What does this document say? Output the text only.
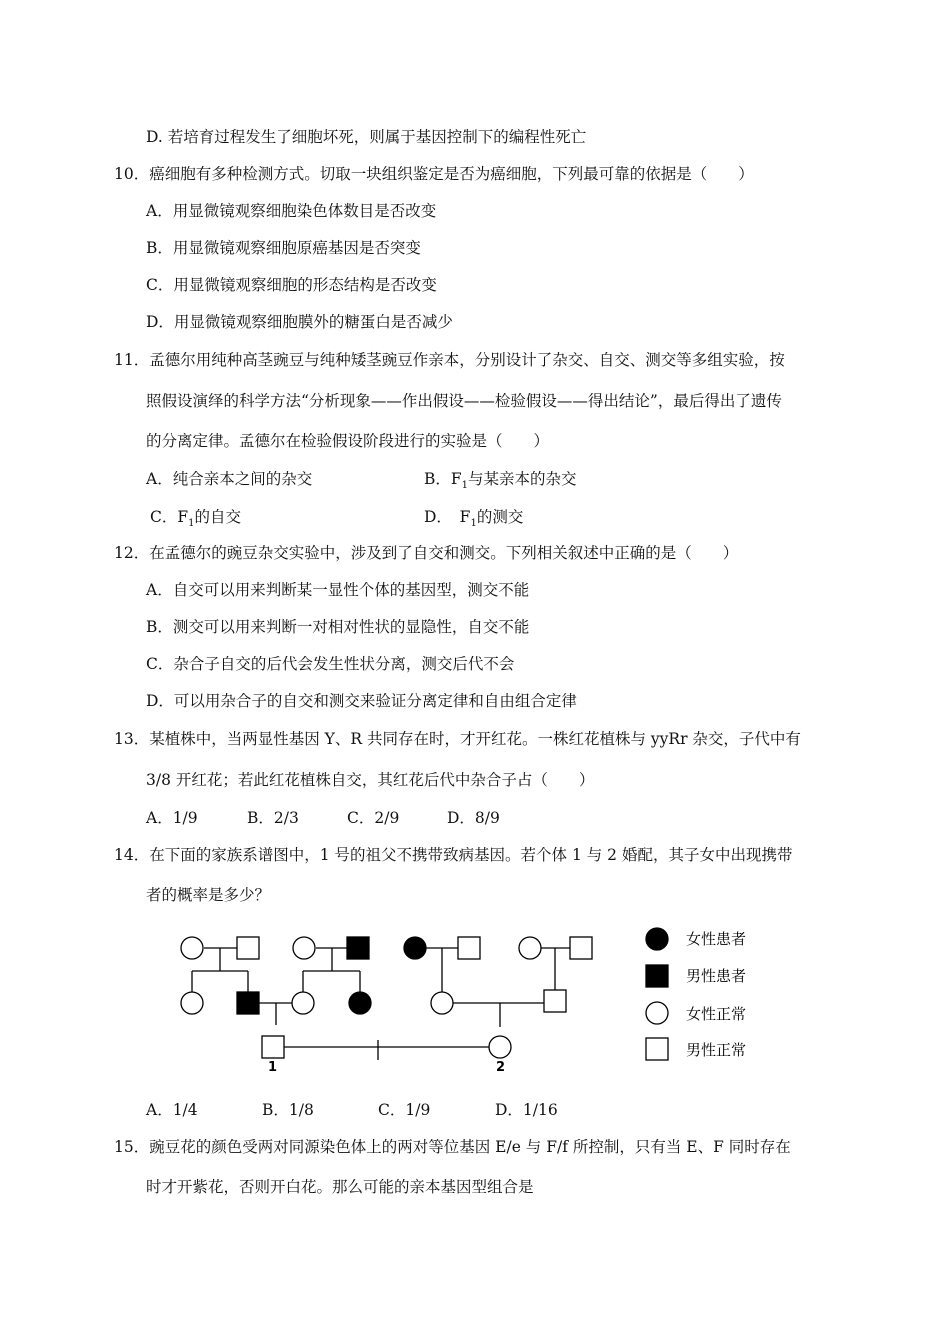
D. 若培育过程发生了细胞坏死，则属于基因控制下的编程性死亡
10．癌细胞有多种检测方式。切取一块组织鉴定是否为癌细胞，下列最可靠的依据是（　　）
A．用显微镜观察细胞染色体数目是否改变
B．用显微镜观察细胞原癌基因是否突变
C．用显微镜观察细胞的形态结构是否改变
D．用显微镜观察细胞膜外的糖蛋白是否减少
11．孟德尔用纯种高茎豌豆与纯种矮茎豌豆作亲本，分别设计了杂交、自交、测交等多组实验，按
照假设演绎的科学方法“分析现象——作出假设——检验假设——得出结论”，最后得出了遗传
的分离定律。孟德尔在检验假设阶段进行的实验是（　　）
A．纯合亲本之间的杂交	B．$F_1$与某亲本的杂交
C．$F_1$的自交	D．　$F_1$的测交
12．在孟德尔的豌豆杂交实验中，涉及到了自交和测交。下列相关叙述中正确的是（　　）
A．自交可以用来判断某一显性个体的基因型，测交不能
B．测交可以用来判断一对相对性状的显隐性，自交不能
C．杂合子自交的后代会发生性状分离，测交后代不会
D．可以用杂合子的自交和测交来验证分离定律和自由组合定律
13．某植株中，当两显性基因 Y、R 共同存在时，才开红花。一株红花植株与 yyRr 杂交，子代中有
3/8 开红花；若此红花植株自交，其红花后代中杂合子占（　　）
A．1/9	B．2/3	C．2/9	D．8/9
14．在下面的家族系谱图中，1 号的祖父不携带致病基因。若个体 1 与 2 婚配，其子女中出现携带
者的概率是多少？
1	2
女性患者
男性患者
女性正常
男性正常
A．1/4	B．1/8	C．1/9	D．1/16
15．豌豆花的颜色受两对同源染色体上的两对等位基因 E/e 与 F/f 所控制，只有当 E、F 同时存在
时才开紫花，否则开白花。那么可能的亲本基因型组合是
